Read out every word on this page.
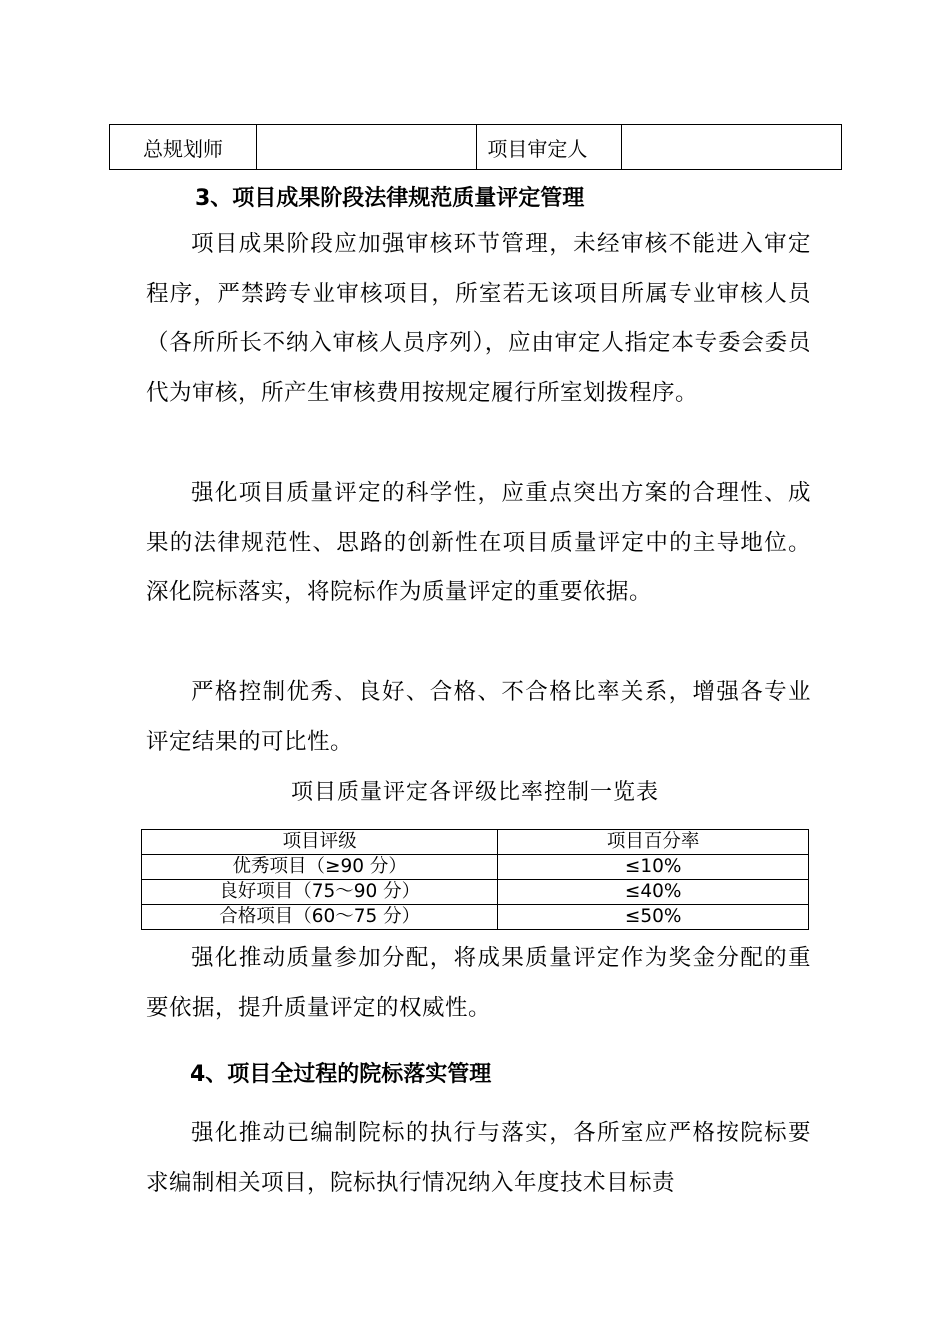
总规划师		项目审定人	
3、项目成果阶段法律规范质量评定管理

项目成果阶段应加强审核环节管理，未经审核不能进入审定程序，严禁跨专业审核项目，所室若无该项目所属专业审核人员（各所所长不纳入审核人员序列），应由审定人指定本专委会委员代为审核，所产生审核费用按规定履行所室划拨程序。

强化项目质量评定的科学性，应重点突出方案的合理性、成果的法律规范性、思路的创新性在项目质量评定中的主导地位。深化院标落实，将院标作为质量评定的重要依据。

严格控制优秀、良好、合格、不合格比率关系，增强各专业评定结果的可比性。

项目质量评定各评级比率控制一览表
项目评级	项目百分率
优秀项目（≥90 分）	≤10%
良好项目（75～90 分）	≤40%
合格项目（60～75 分）	≤50%

强化推动质量参加分配，将成果质量评定作为奖金分配的重要依据，提升质量评定的权威性。

4、项目全过程的院标落实管理

强化推动已编制院标的执行与落实，各所室应严格按院标要求编制相关项目，院标执行情况纳入年度技术目标责
